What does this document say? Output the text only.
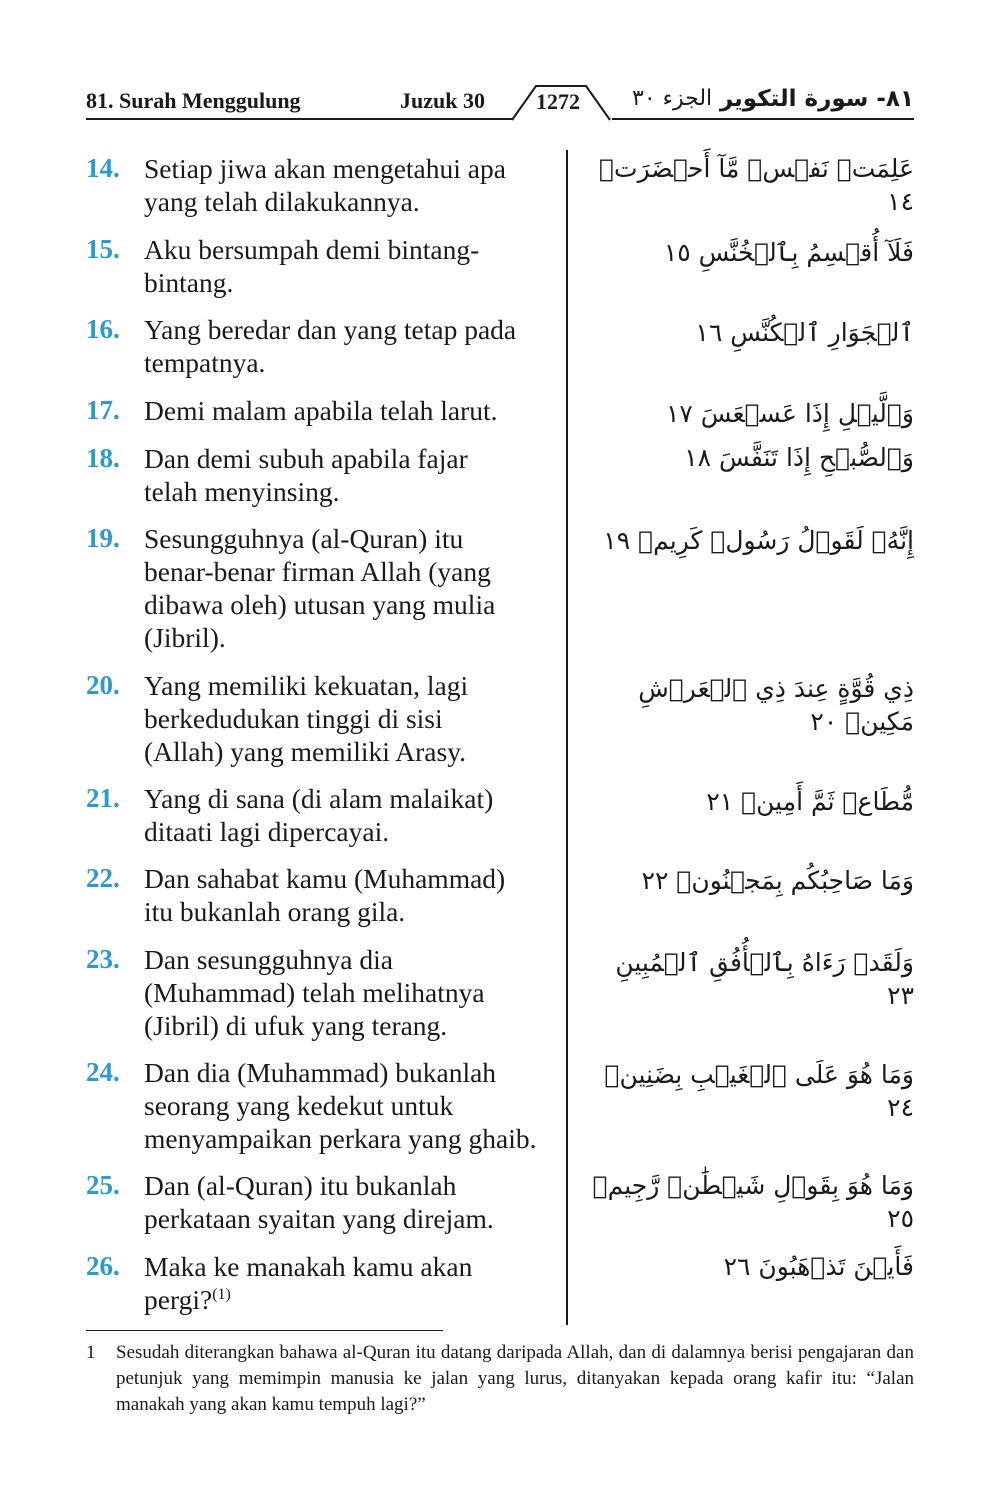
81. Surah Menggulung	Juzuk 30 1272 الجزء ٣٠ ٨١- سورة التكوير
14. Setiap jiwa akan mengetahui apa
yang telah dilakukannya.
عَلِمَتۡ نَفۡسٞ مَّآ أَحۡضَرَتۡ ١٤
15. Aku bersumpah demi bintang-
bintang.
فَلَآ أُقۡسِمُ بِٱلۡخُنَّسِ ١٥
16. Yang beredar dan yang tetap pada
tempatnya.
ٱلۡجَوَارِ ٱلۡكُنَّسِ ١٦
17. Demi malam apabila telah larut.	وَٱلَّيۡلِ إِذَا عَسۡعَسَ ١٧
18. Dan demi subuh apabila fajar
telah menyinsing.
وَٱلصُّبۡحِ إِذَا تَنَفَّسَ ١٨
19. Sesungguhnya (al-Quran) itu
benar-benar firman Allah (yang
dibawa oleh) utusan yang mulia
(Jibril).
إِنَّهُۥ لَقَوۡلُ رَسُولٖ كَرِيمٖ ١٩
20. Yang memiliki kekuatan, lagi
berkedudukan tinggi di sisi
(Allah) yang memiliki Arasy.
ذِي قُوَّةٍ عِندَ ذِي ٱلۡعَرۡشِ مَكِينٖ ٢٠
21. Yang di sana (di alam malaikat)
ditaati lagi dipercayai.
مُّطَاعٖ ثَمَّ أَمِينٖ ٢١
22. Dan sahabat kamu (Muhammad)
itu bukanlah orang gila.
وَمَا صَاحِبُكُم بِمَجۡنُونٖ ٢٢
23. Dan sesungguhnya dia
(Muhammad) telah melihatnya
(Jibril) di ufuk yang terang.
وَلَقَدۡ رَءَاهُ بِٱلۡأُفُقِ ٱلۡمُبِينِ ٢٣
24. Dan dia (Muhammad) bukanlah
seorang yang kedekut untuk
menyampaikan perkara yang ghaib.
وَمَا هُوَ عَلَى ٱلۡغَيۡبِ بِضَنِينٖ ٢٤
25. Dan (al-Quran) itu bukanlah
perkataan syaitan yang direjam.
وَمَا هُوَ بِقَوۡلِ شَيۡطَٰنٖ رَّجِيمٖ ٢٥
26. Maka ke manakah kamu akan
pergi?$^{(1)}$
فَأَيۡنَ تَذۡهَبُونَ ٢٦
1 Sesudah diterangkan bahawa al-Quran itu datang daripada Allah, dan di dalamnya berisi pengajaran dan petunjuk yang memimpin manusia ke jalan yang lurus, ditanyakan kepada orang kafir itu: “Jalan manakah yang akan kamu tempuh lagi?”
